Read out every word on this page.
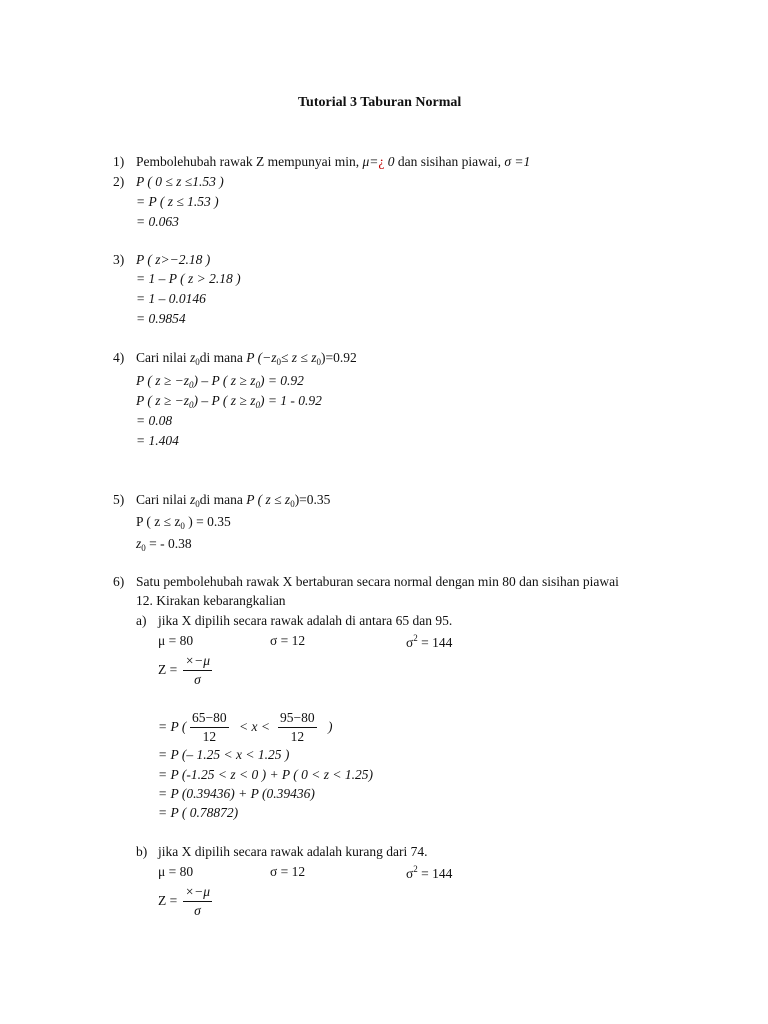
Tutorial 3 Taburan Normal
1) Pembolehubah rawak Z mempunyai min, μ=¿ 0 dan sisihan piawai, σ =1
2) P ( 0 ≤ z ≤1.53 )
= P ( z ≤ 1.53 )
= 0.063
3) P ( z>−2.18 )
= 1 – P ( z > 2.18 )
= 1 – 0.0146
= 0.9854
4) Cari nilai $z_0di$ mana P $(-z_0\le z \le z_0)=0.92$
P ( $z \ge -z_0) - P$ ( $z \ge z_0) = 0.92$
P ( $z \ge -z_0) - P$ ( $z \ge z_0) = 1 - 0.92$
= 0.08
= 1.404
5) Cari nilai $z_0di$ mana P ( $z \le z_0)=0.35$
P ( $z \le z_0$ ) = 0.35
$z_0$ = - 0.38
6) Satu pembolehubah rawak X bertaburan secara normal dengan min 80 dan sisihan piawai
12. Kirakan kebarangkalian
a) jika X dipilih secara rawak adalah di antara 65 dan 95.
μ = 80	σ = 12	$\sigma^2 = 144$
$Z = \frac{\times-\mu}{\sigma}$
= P ( $\frac{65-80}{12} < x < \frac{95-80}{12}$ )
= P (– 1.25 < x < 1.25 )
= P (-1.25 < z < 0 ) + P ( 0 < z < 1.25)
= P (0.39436) + P (0.39436)
= P ( 0.78872)
b) jika X dipilih secara rawak adalah kurang dari 74.
μ = 80	σ = 12	$\sigma^2 = 144$
$Z = \frac{\times-\mu}{\sigma}$
